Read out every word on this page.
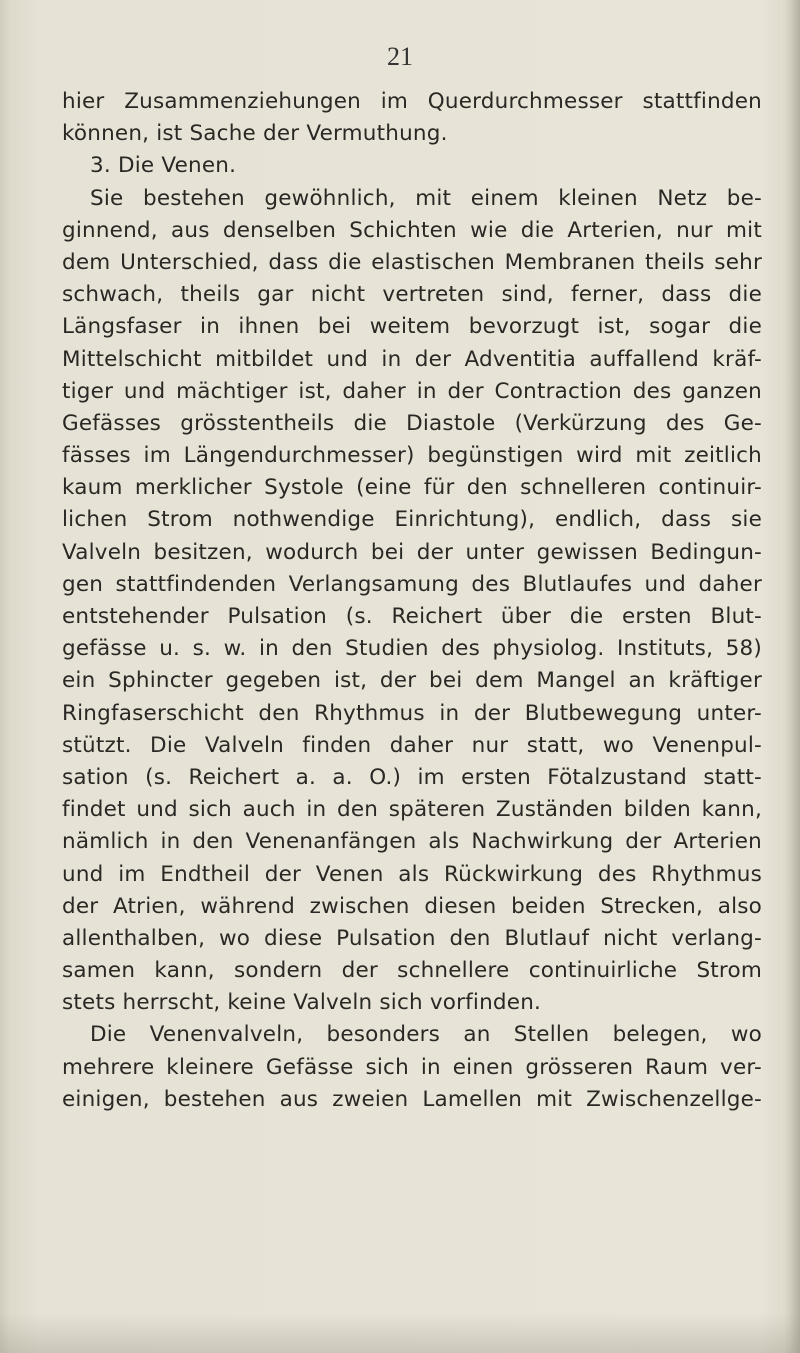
21
hier Zusammenziehungen im Querdurchmesser stattfinden
können, ist Sache der Vermuthung.
3. Die Venen.
Sie bestehen gewöhnlich, mit einem kleinen Netz be-
ginnend, aus denselben Schichten wie die Arterien, nur mit
dem Unterschied, dass die elastischen Membranen theils sehr
schwach, theils gar nicht vertreten sind, ferner, dass die
Längsfaser in ihnen bei weitem bevorzugt ist, sogar die
Mittelschicht mitbildet und in der Adventitia auffallend kräf-
tiger und mächtiger ist, daher in der Contraction des ganzen
Gefässes grösstentheils die Diastole (Verkürzung des Ge-
fässes im Längendurchmesser) begünstigen wird mit zeitlich
kaum merklicher Systole (eine für den schnelleren continuir-
lichen Strom nothwendige Einrichtung), endlich, dass sie
Valveln besitzen, wodurch bei der unter gewissen Bedingun-
gen stattfindenden Verlangsamung des Blutlaufes und daher
entstehender Pulsation (s. Reichert über die ersten Blut-
gefässe u. s. w. in den Studien des physiolog. Instituts, 58)
ein Sphincter gegeben ist, der bei dem Mangel an kräftiger
Ringfaserschicht den Rhythmus in der Blutbewegung unter-
stützt. Die Valveln finden daher nur statt, wo Venenpul-
sation (s. Reichert a. a. O.) im ersten Fötalzustand statt-
findet und sich auch in den späteren Zuständen bilden kann,
nämlich in den Venenanfängen als Nachwirkung der Arterien
und im Endtheil der Venen als Rückwirkung des Rhythmus
der Atrien, während zwischen diesen beiden Strecken, also
allenthalben, wo diese Pulsation den Blutlauf nicht verlang-
samen kann, sondern der schnellere continuirliche Strom
stets herrscht, keine Valveln sich vorfinden.
Die Venenvalveln, besonders an Stellen belegen, wo
mehrere kleinere Gefässe sich in einen grösseren Raum ver-
einigen, bestehen aus zweien Lamellen mit Zwischenzellge-
